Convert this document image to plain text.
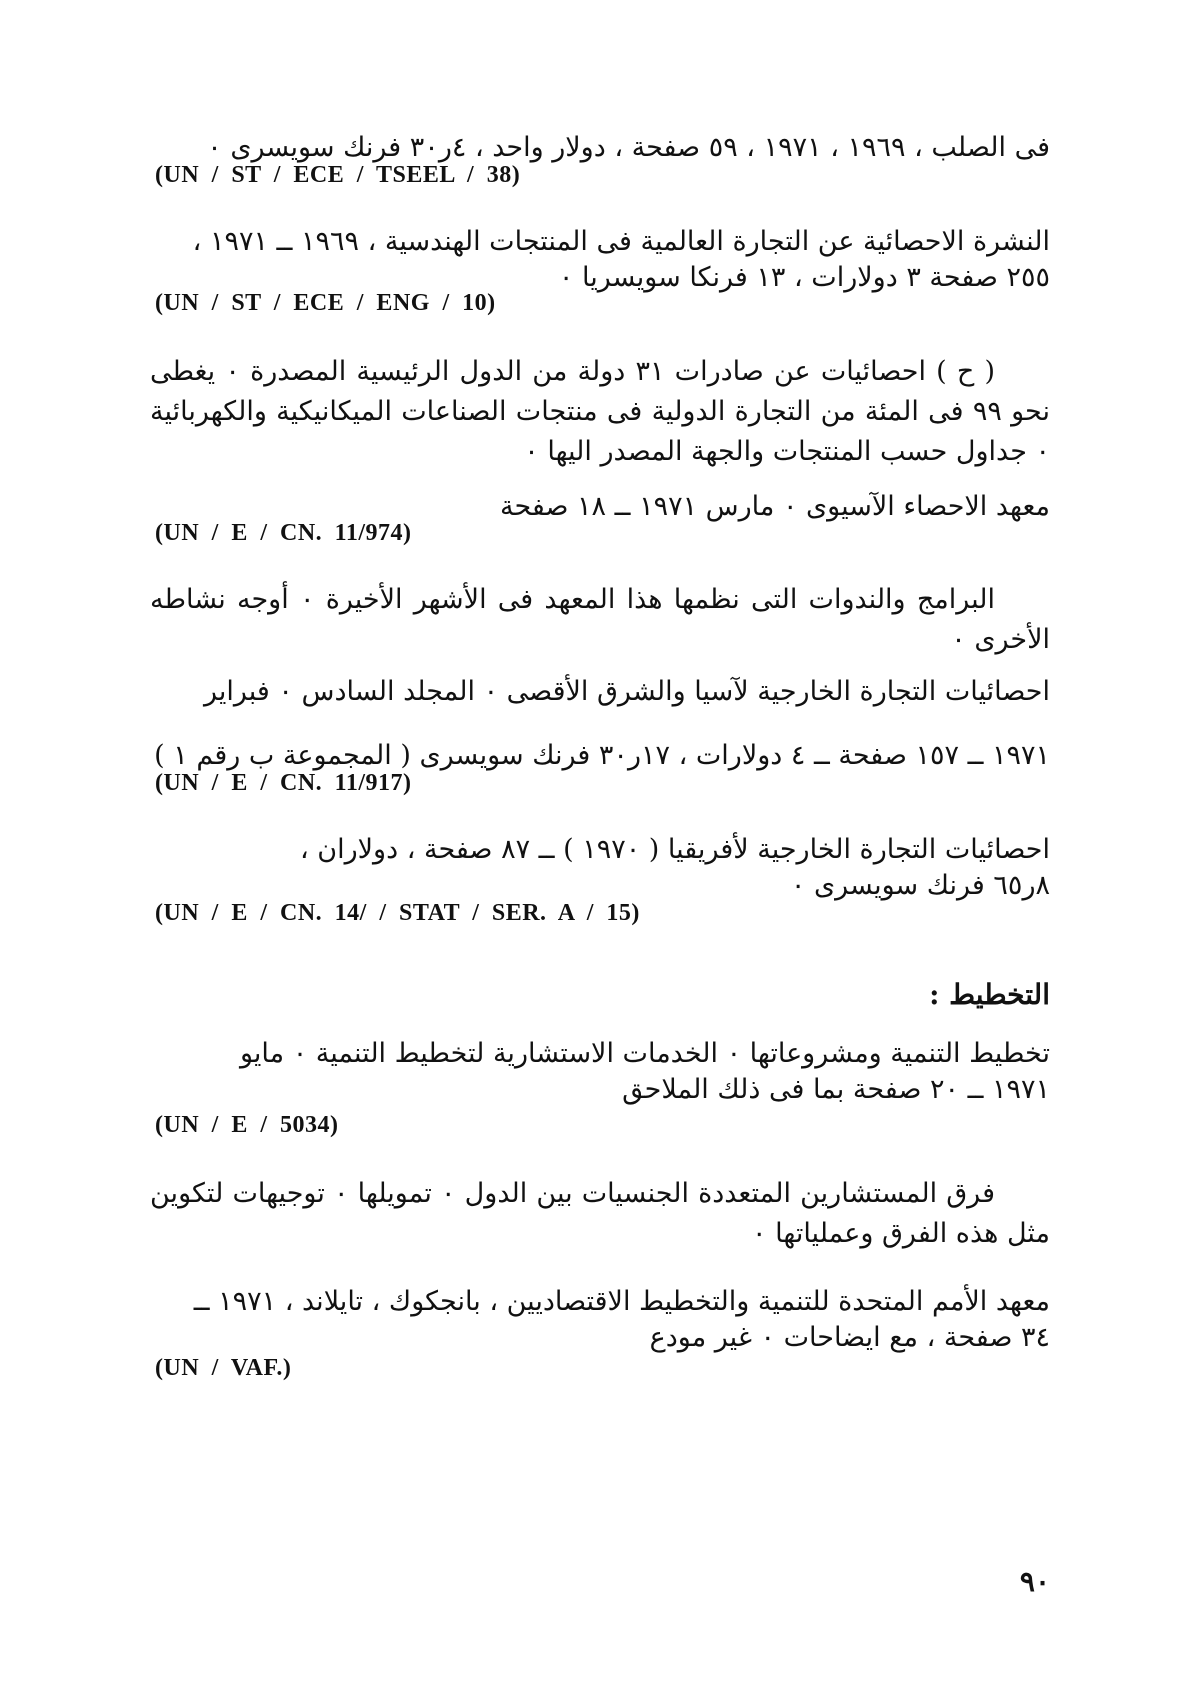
فى الصلب ، ١٩٦٩ ، ١٩٧١ ، ٥٩ صفحة ، دولار واحد ، ٤ر٣٠ فرنك سويسرى ٠
(UN / ST / ECE / TSEEL / 38)
النشرة الاحصائية عن التجارة العالمية فى المنتجات الهندسية ، ١٩٦٩ ــ ١٩٧١ ،
٢٥٥ صفحة ٣ دولارات ، ١٣ فرنكا سويسريا ٠
(UN / ST / ECE / ENG / 10)
( ح ) احصائيات عن صادرات ٣١ دولة من الدول الرئيسية المصدرة ٠ يغطى نحو ٩٩ فى المئة من التجارة الدولية فى منتجات الصناعات الميكانيكية والكهربائية ٠ جداول حسب المنتجات والجهة المصدر اليها ٠
معهد الاحصاء الآسيوى ٠ مارس ١٩٧١ ــ ١٨ صفحة
(UN / E / CN. 11/974)
البرامج والندوات التى نظمها هذا المعهد فى الأشهر الأخيرة ٠ أوجه نشاطه الأخرى ٠
احصائيات التجارة الخارجية لآسيا والشرق الأقصى ٠ المجلد السادس ٠ فبراير
١٩٧١ ــ ١٥٧ صفحة ــ ٤ دولارات ، ١٧ر٣٠ فرنك سويسرى ( المجموعة ب رقم ١ )
(UN / E / CN. 11/917)
احصائيات التجارة الخارجية لأفريقيا ( ١٩٧٠ ) ــ ٨٧ صفحة ، دولاران ،
٨ر٦٥ فرنك سويسرى ٠
(UN / E / CN. 14/ / STAT / SER. A / 15)
التخطيط :
تخطيط التنمية ومشروعاتها ٠ الخدمات الاستشارية لتخطيط التنمية ٠ مايو
١٩٧١ ــ ٢٠ صفحة بما فى ذلك الملاحق
(UN / E / 5034)
فرق المستشارين المتعددة الجنسيات بين الدول ٠ تمويلها ٠ توجيهات لتكوين مثل هذه الفرق وعملياتها ٠
معهد الأمم المتحدة للتنمية والتخطيط الاقتصاديين ، بانجكوك ، تايلاند ، ١٩٧١ ــ
٣٤ صفحة ، مع ايضاحات ٠ غير مودع
(UN / VAF.)
٩٠
